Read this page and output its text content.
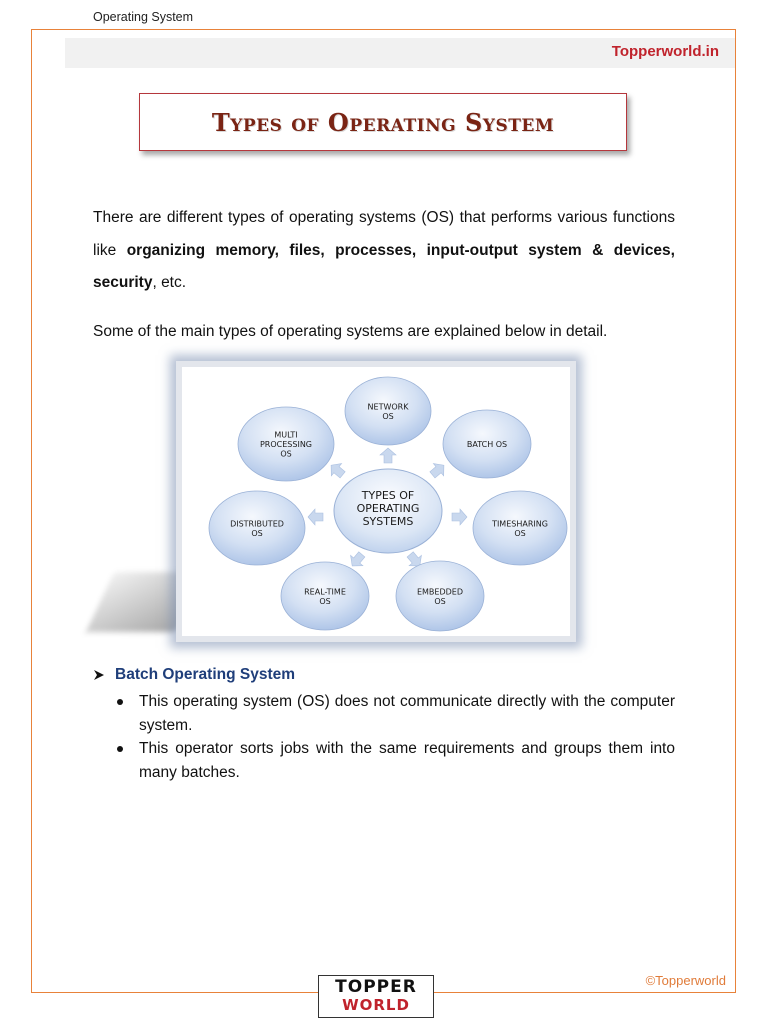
Operating System
Topperworld.in
Types of Operating System

There are different types of operating systems (OS) that performs various functions like organizing memory, files, processes, input-output system & devices, security, etc.

Some of the main types of operating systems are explained below in detail.

TYPES OF
OPERATING
SYSTEMS
NETWORK
OS
BATCH OS
TIMESHARING
OS
EMBEDDED
OS
REAL-TIME
OS
DISTRIBUTED
OS
MULTI
PROCESSING
OS
Batch Operating System
This operating system (OS) does not communicate directly with the computer system.
This operator sorts jobs with the same requirements and groups them into many batches.
©Topperworld
TOPPER
WORLD
